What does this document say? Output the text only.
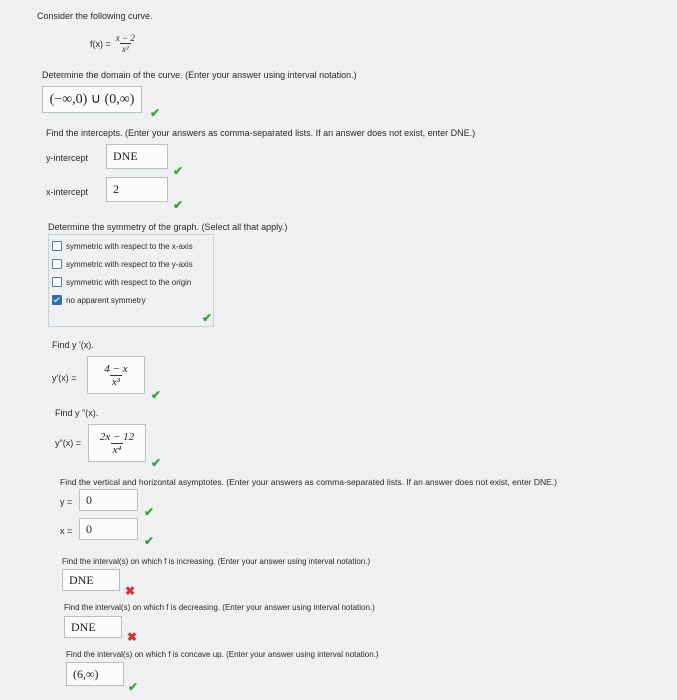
Consider the following curve.
$f(x) = \frac{x - 2}{\text{x²}}$
Determine the domain of the curve. (Enter your answer using interval notation.)
(−∞,0) ∪ (0,∞)
✔
Find the intercepts. (Enter your answers as comma-separated lists. If an answer does not exist, enter DNE.)
y-intercept	DNE
✔
x-intercept	2
✔
Determine the symmetry of the graph. (Select all that apply.)
symmetric with respect to the x-axis
symmetric with respect to the y-axis
symmetric with respect to the origin
no apparent symmetry
✔
Find y '(x).
$y'(x) = \frac{4 - x}{\text{x³}}$
✔
Find y "(x).
y"(x) = $\frac{2x - 12}{\text{x⁴}}$
✔
Find the vertical and horizontal asymptotes. (Enter your answers as comma-separated lists. If an answer does not exist, enter DNE.)
y =	0
✔
x =	0
✔
Find the interval(s) on which f is increasing. (Enter your answer using interval notation.)
DNE
✖
Find the interval(s) on which f is decreasing. (Enter your answer using interval notation.)
DNE
✖
Find the interval(s) on which f is concave up. (Enter your answer using interval notation.)
(6,∞)
✔
